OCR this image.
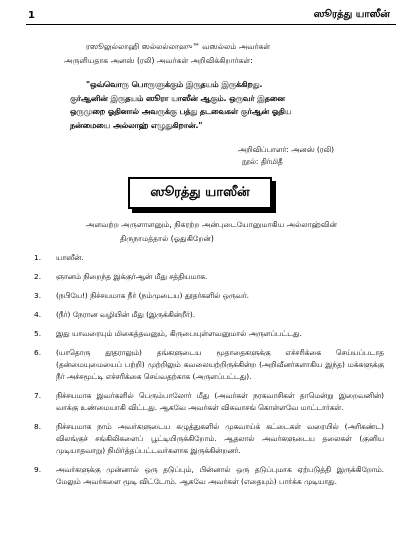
1	ஸூரத்து யாஸீன்
ரஸூலுல்லாஹி ஸல்லல்லாஹு™ வஸல்லம் அவர்கள்
அருளியதாக அனஸ் (ரலி) அவர்கள் அறிவிக்கிறார்கள்:
"ஒவ்வொரு பொருளுக்கும் இருதயம் இருக்கிறது.
குர்ஆனின் இருதயம் ஸூரா யாஸீன் ஆகும். ஒருவர் இதனை
ஒருமுறை ஓதினால் அவருக்கு பத்து தடவைகள் குர்ஆன் ஓதிய
நன்மையை அல்லாஹ் எழுதுகிறான்."
அறிவிப்பாளர்: அனஸ் (ரலி)
நூல்: திர்மிதீ
ஸூரத்து யாஸீன்
அளவற்ற அருளாளனும், நிகரற்ற அன்புடையோனுமாகிய அல்லாஹ்வின்
திருநாமத்தால் (ஓதுகிறேன்)
1.	யாஸீன்.
2.	ஞானம் நிறைந்த இக்குர்ஆன் மீது சத்தியமாக.
3.	(நபியே!) நிச்சயமாக நீர் (நம்முடைய) தூதர்களில் ஒருவர்.
4.	(நீர்) நேரான வழியின் மீது (இருக்கின்றீர்).
5.	இது யாவரையும் மிகைத்தவனும், கிருபையுள்ளவனுமால் அருளப்பட்டது.
6.	(யாதொரு தூதராலும்) தங்களுடைய மூதாதைகளுக்கு எச்சரிக்கை செய்யப்படாத (தன்மையுமையைப் பற்றி) முற்றிலும் கவலையற்றிருக்கின்ற (அறிவீனர்களாகிய இந்த) மக்களுக்கு நீர் அச்சமூட்டி எச்சரிக்கை செய்வதற்காக (அருளப்பட்டது).
7.	நிச்சயமாக இவர்களில் பெரும்பாலோர் மீது (அவர்கள் நரகவாசிகள் தாமென்று இறைவனின்) வாக்கு உண்மையாகி விட்டது. ஆகவே அவர்கள் விசுவாசங் கொள்ளவே மாட்டார்கள்.
8.	நிச்சயமாக நாம் அவர்களுடைய கழுத்துகளில் முகவாய்க் கட்டைகள் வரையில் (அரிகண்ட) விலங்குச் சங்கிலிகளைப் பூட்டியிருக்கிறோம். ஆதலால் அவர்களுடைய தலைகள் (குனிய முடியாதவாறு) நிமிர்த்தப்பட்டவர்களாக இருக்கின்றனர்.
9.	அவர்களுக்கு முன்னால் ஒரு தடுப்பும், பின்னால் ஒரு தடுப்புமாக ஏற்படுத்தி இருக்கிறோம். மேலும் அவர்களை மூடி விட்டோம். ஆகவே அவர்கள் (எதையும்) பார்க்க முடியாது.
